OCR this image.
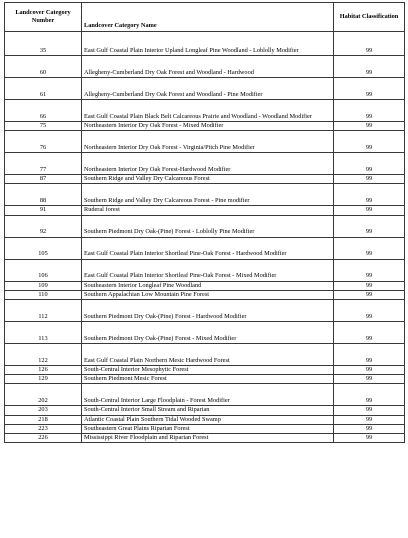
Landcover Category Number	Landcover Category Name	Habitat Classification
35	East Gulf Coastal Plain Interior Upland Longleaf Pine Woodland - Loblolly Modifier	99
60	Allegheny-Cumberland Dry Oak Forest and Woodland - Hardwood	99
61	Allegheny-Cumberland Dry Oak Forest and Woodland - Pine Modifier	99
66	East Gulf Coastal Plain Black Belt Calcareous Prairie and Woodland - Woodland Modifier	99
75	Northeastern Interior Dry Oak Forest - Mixed Modifier	99
76	Northeastern Interior Dry Oak Forest - Virginia/Pitch Pine Modifier	99
77	Northeastern Interior Dry Oak Forest-Hardwood Modifier	99
87	Southern Ridge and Valley Dry Calcareous Forest	99
88	Southern Ridge and Valley Dry Calcareous Forest - Pine modifier	99
91	Ruderal forest	99
92	Southern Piedmont Dry Oak-(Pine) Forest - Loblolly Pine Modifier	99
105	East Gulf Coastal Plain Interior Shortleaf Pine-Oak Forest - Hardwood Modifier	99
106	East Gulf Coastal Plain Interior Shortleaf Pine-Oak Forest - Mixed Modifier	99
109	Southeastern Interior Longleaf Pine Woodland	99
110	Southern Appalachian Low Mountain Pine Forest	99
112	Southern Piedmont Dry Oak-(Pine) Forest - Hardwood Modifier	99
113	Southern Piedmont Dry Oak-(Pine) Forest - Mixed Modifier	99
122	East Gulf Coastal Plain Northern Mesic Hardwood Forest	99
126	South-Central Interior Mesophytic Forest	99
129	Southern Piedmont Mesic Forest	99
202	South-Central Interior Large Floodplain - Forest Modifier	99
203	South-Central Interior Small Stream and Riparian	99
218	Atlantic Coastal Plain Southern Tidal Wooded Swamp	99
223	Southeastern Great Plains Riparian Forest	99
226	Mississippi River Floodplain and Riparian Forest	99
